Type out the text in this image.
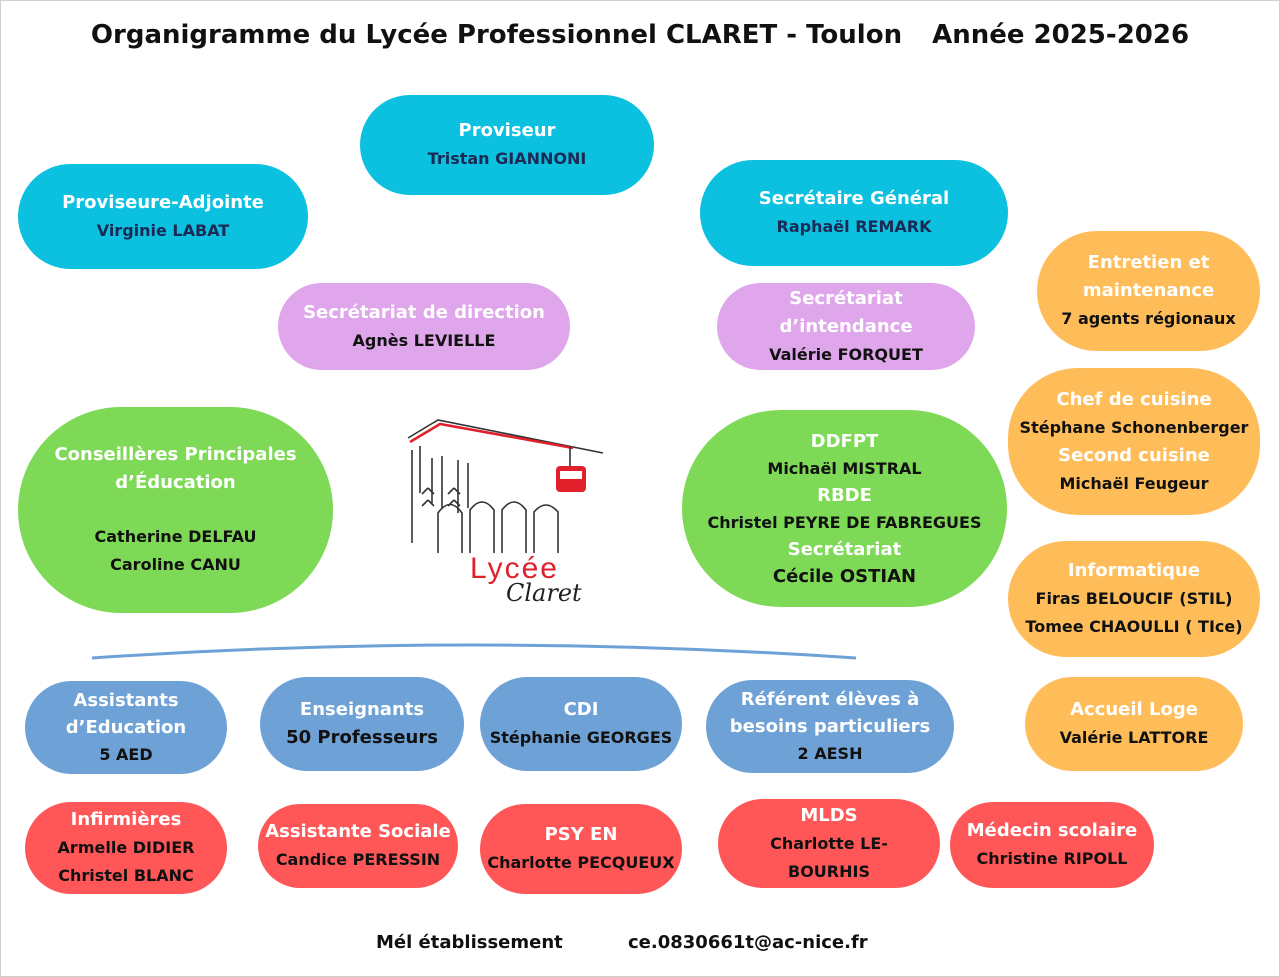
Organigramme du Lycée Professionnel CLARET - Toulon Année 2025-2026
Proviseur
Tristan GIANNONI
Proviseure-Adjointe
Virginie LABAT
Secrétaire Général
Raphaël REMARK
Secrétariat de direction
Agnès LEVIELLE
Secrétariat d’intendance
Valérie FORQUET
Conseillères Principales
d’Éducation
Catherine DELFAU
Caroline CANU	Lycée
Claret
DDFPT
Michaël MISTRAL
RBDE
Christel PEYRE DE FABREGUES
Secrétariat
Cécile OSTIAN
Entretien et
maintenance
7 agents régionaux
Chef de cuisine
Stéphane Schonenberger
Second cuisine
Michaël Feugeur
Informatique
Firas BELOUCIF (STIL)
Tomee CHAOULLI ( TIce)
Accueil Loge
Valérie LATTORE
Assistants
d’Education
5 AED
Enseignants
50 Professeurs
CDI
Stéphanie GEORGES
Référent élèves à
besoins particuliers
2 AESH
Infirmières
Armelle DIDIER
Christel BLANC
Assistante Sociale
Candice PERESSIN
PSY EN
Charlotte PECQUEUX
MLDS
Charlotte LE-
BOURHIS
Médecin scolaire
Christine RIPOLL
Mél établissement	ce.0830661t@ac-nice.fr
